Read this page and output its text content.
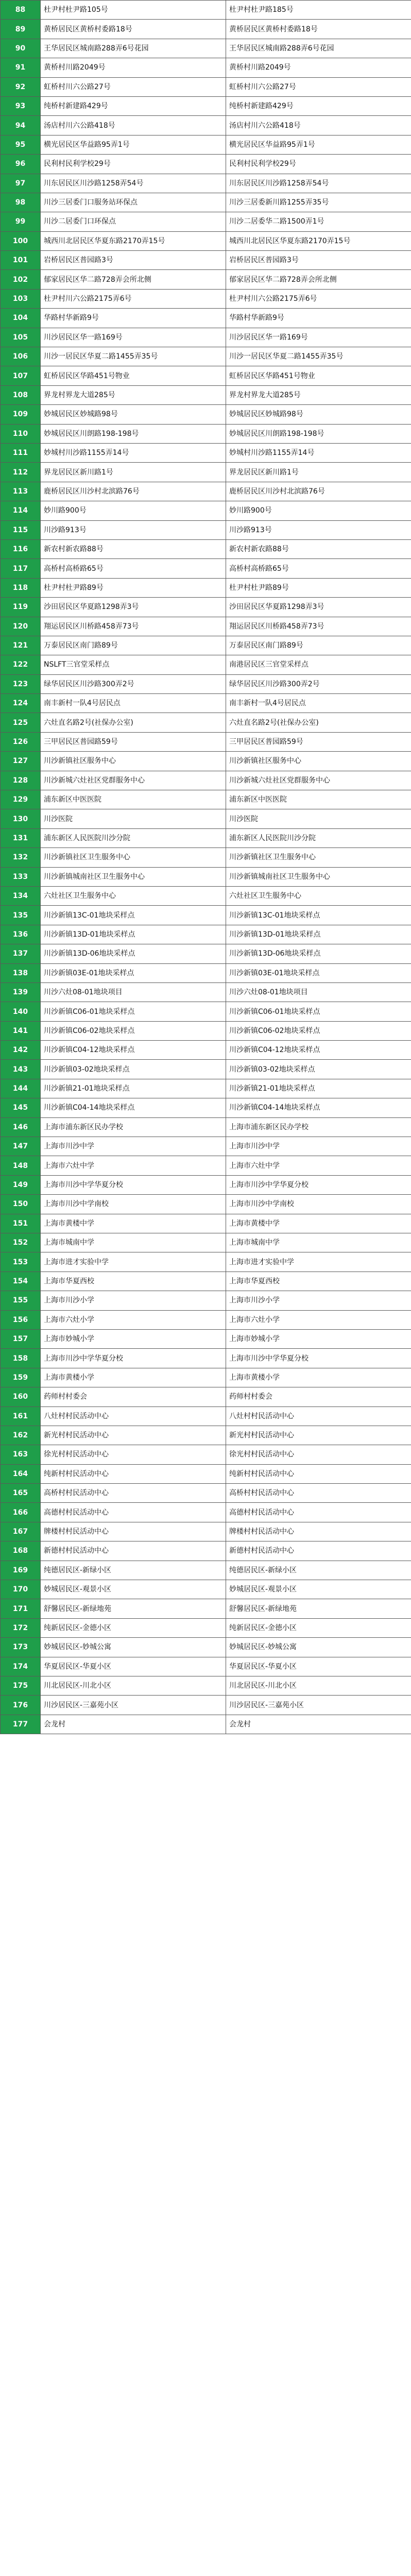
88	杜尹村杜尹路105号	杜尹村杜尹路185号
89	黄桥居民区黄桥村委路18号	黄桥居民区黄桥村委路18号
90	王华居民区城南路288弄6号花园	王华居民区城南路288弄6号花园
91	黄桥村川路2049号	黄桥村川路2049号
92	虹桥村川六公路27号	虹桥村川六公路27号
93	纯桥村新建路429号	纯桥村新建路429号
94	汤店村川六公路418号	汤店村川六公路418号
95	横光居民区华益路95弄1号	横光居民区华益路95弄1号
96	民利村民利学校29号	民利村民利学校29号
97	川东居民区川沙路1258弄54号	川东居民区川沙路1258弄54号
98	川沙三居委门口服务站环保点	川沙三居委新川路1255弄35号
99	川沙二居委门口环保点	川沙二居委华二路1500弄1号
100	城西川北居民区华夏东路2170弄15号	城西川北居民区华夏东路2170弄15号
101	岩桥居民区普园路3号	岩桥居民区普园路3号
102	郁家居民区华二路728弄会所北侧	郁家居民区华二路728弄会所北侧
103	杜尹村川六公路2175弄6号	杜尹村川六公路2175弄6号
104	华路村华新路9号	华路村华新路9号
105	川沙居民区华一路169号	川沙居民区华一路169号
106	川沙一居民区华夏二路1455弄35号	川沙一居民区华夏二路1455弄35号
107	虹桥居民区华路451号物业	虹桥居民区华路451号物业
108	界龙村界龙大道285号	界龙村界龙大道285号
109	妙城居民区妙城路98号	妙城居民区妙城路98号
110	妙城居民区川朗路198-198号	妙城居民区川朗路198-198号
111	妙城村川沙路1155弄14号	妙城村川沙路1155弄14号
112	界龙居民区新川路1号	界龙居民区新川路1号
113	鹿桥居民区川沙村北滨路76号	鹿桥居民区川沙村北滨路76号
114	妙川路900号	妙川路900号
115	川沙路913号	川沙路913号
116	新农村新农路88号	新农村新农路88号
117	高桥村高桥路65号	高桥村高桥路65号
118	杜尹村杜尹路89号	杜尹村杜尹路89号
119	沙田居民区华夏路1298弄3号	沙田居民区华夏路1298弄3号
120	翔运居民区川桥路458弄73号	翔运居民区川桥路458弄73号
121	万泰居民区南门路89号	万泰居民区南门路89号
122	NSLFT三官堂采样点	南港居民区三官堂采样点
123	绿华居民区川沙路300弄2号	绿华居民区川沙路300弄2号
124	南丰新村一队4号居民点	南丰新村一队4号居民点
125	六灶直名路2号(社保办公室)	六灶直名路2号(社保办公室)
126	三甲居民区普园路59号	三甲居民区普园路59号
127	川沙新镇社区服务中心	川沙新镇社区服务中心
128	川沙新城六灶社区党群服务中心	川沙新城六灶社区党群服务中心
129	浦东新区中医医院	浦东新区中医医院
130	川沙医院	川沙医院
131	浦东新区人民医院川沙分院	浦东新区人民医院川沙分院
132	川沙新镇社区卫生服务中心	川沙新镇社区卫生服务中心
133	川沙新镇城南社区卫生服务中心	川沙新镇城南社区卫生服务中心
134	六灶社区卫生服务中心	六灶社区卫生服务中心
135	川沙新镇13C-01地块采样点	川沙新镇13C-01地块采样点
136	川沙新镇13D-01地块采样点	川沙新镇13D-01地块采样点
137	川沙新镇13D-06地块采样点	川沙新镇13D-06地块采样点
138	川沙新镇03E-01地块采样点	川沙新镇03E-01地块采样点
139	川沙六灶08-01地块项目	川沙六灶08-01地块项目
140	川沙新镇C06-01地块采样点	川沙新镇C06-01地块采样点
141	川沙新镇C06-02地块采样点	川沙新镇C06-02地块采样点
142	川沙新镇C04-12地块采样点	川沙新镇C04-12地块采样点
143	川沙新镇03-02地块采样点	川沙新镇03-02地块采样点
144	川沙新镇21-01地块采样点	川沙新镇21-01地块采样点
145	川沙新镇C04-14地块采样点	川沙新镇C04-14地块采样点
146	上海市浦东新区民办学校	上海市浦东新区民办学校
147	上海市川沙中学	上海市川沙中学
148	上海市六灶中学	上海市六灶中学
149	上海市川沙中学华夏分校	上海市川沙中学华夏分校
150	上海市川沙中学南校	上海市川沙中学南校
151	上海市黄楼中学	上海市黄楼中学
152	上海市城南中学	上海市城南中学
153	上海市进才实验中学	上海市进才实验中学
154	上海市华夏西校	上海市华夏西校
155	上海市川沙小学	上海市川沙小学
156	上海市六灶小学	上海市六灶小学
157	上海市妙城小学	上海市妙城小学
158	上海市川沙中学华夏分校	上海市川沙中学华夏分校
159	上海市黄楼小学	上海市黄楼小学
160	药师村村委会	药师村村委会
161	八灶村村民活动中心	八灶村村民活动中心
162	新光村村民活动中心	新光村村民活动中心
163	徐光村村民活动中心	徐光村村民活动中心
164	纯新村村民活动中心	纯新村村民活动中心
165	高桥村村民活动中心	高桥村村民活动中心
166	高德村村民活动中心	高德村村民活动中心
167	牌楼村村民活动中心	牌楼村村民活动中心
168	新德村村民活动中心	新德村村民活动中心
169	纯德居民区-新绿小区	纯德居民区-新绿小区
170	妙城居民区-观景小区	妙城居民区-观景小区
171	舒馨居民区-新绿地苑	舒馨居民区-新绿地苑
172	纯新居民区-金德小区	纯新居民区-金德小区
173	妙城居民区-妙城公寓	妙城居民区-妙城公寓
174	华夏居民区-华夏小区	华夏居民区-华夏小区
175	川北居民区-川北小区	川北居民区-川北小区
176	川沙居民区-三嘉苑小区	川沙居民区-三嘉苑小区
177	会龙村	会龙村
